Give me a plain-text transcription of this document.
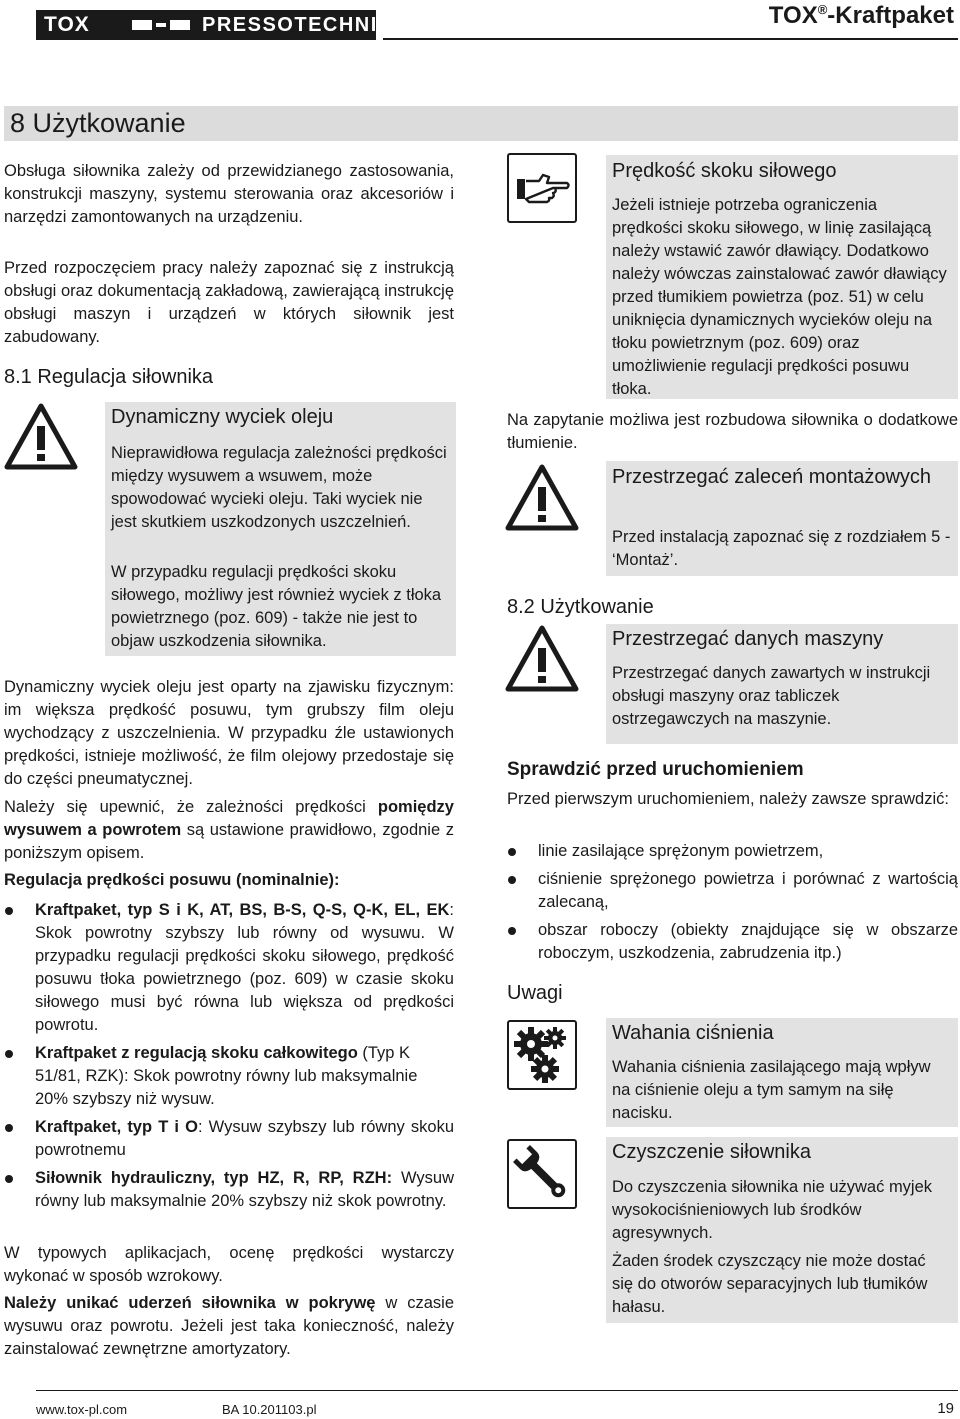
TOX	PRESSOTECHNIK	TOX®-Kraftpaket
8 Użytkowanie

Obsługa siłownika zależy od przewidzianego zastosowania, konstrukcji maszyny, systemu sterowania oraz akcesoriów i narzędzi zamontowanych na urządzeniu.

Przed rozpoczęciem pracy należy zapoznać się z instrukcją obsługi oraz dokumentacją zakładową, zawierającą instrukcję obsługi maszyn i urządzeń w których siłownik jest zabudowany.

8.1 Regulacja siłownika
Dynamiczny wyciek oleju
Nieprawidłowa regulacja zależności prędkości między wysuwem a wsuwem, może spowodować wycieki oleju. Taki wyciek nie jest skutkiem uszkodzonych uszczelnień.
W przypadku regulacji prędkości skoku siłowego, możliwy jest również wyciek z tłoka powietrznego (poz. 609) - także nie jest to objaw uszkodzenia siłownika.

Dynamiczny wyciek oleju jest oparty na zjawisku fizycznym: im większa prędkość posuwu, tym grubszy film oleju wychodzący z uszczelnienia. W przypadku źle ustawionych prędkości, istnieje możliwość, że film olejowy przedostaje się do części pneumatycznej.

Należy się upewnić, że zależności prędkości pomiędzy wysuwem a powrotem są ustawione prawidłowo, zgodnie z poniższym opisem.

Regulacja prędkości posuwu (nominalnie):
Kraftpaket, typ S i K, AT, BS, B-S, Q-S, Q-K, EL, EK: Skok powrotny szybszy lub równy od wysuwu. W przypadku regulacji prędkości skoku siłowego, prędkość posuwu tłoka powietrznego (poz. 609) w czasie skoku siłowego musi być równa lub większa od prędkości powrotu.
Kraftpaket z regulacją skoku całkowitego (Typ K 51/81, RZK): Skok powrotny równy lub maksymalnie 20% szybszy niż wysuw.
Kraftpaket, typ T i O: Wysuw szybszy lub równy skoku powrotnemu
Siłownik hydrauliczny, typ HZ, R, RP, RZH: Wysuw równy lub maksymalnie 20% szybszy niż skok powrotny.

W typowych aplikacjach, ocenę prędkości wystarczy wykonać w sposób wzrokowy.

Należy unikać uderzeń siłownika w pokrywę w czasie wysuwu oraz powrotu. Jeżeli jest taka konieczność, należy zainstalować zewnętrzne amortyzatory.

Prędkość skoku siłowego
Jeżeli istnieje potrzeba ograniczenia prędkości skoku siłowego, w linię zasilającą należy wstawić zawór dławiący. Dodatkowo należy wówczas zainstalować zawór dławiący przed tłumikiem powietrza (poz. 51) w celu uniknięcia dynamicznych wycieków oleju na tłoku powietrznym (poz. 609) oraz umożliwienie regulacji prędkości posuwu tłoka.

Na zapytanie możliwa jest rozbudowa siłownika o dodatkowe tłumienie.

Przestrzegać zaleceń montażowych
Przed instalacją zapoznać się z rozdziałem 5 - ‘Montaż’.
8.2 Użytkowanie
Przestrzegać danych maszyny
Przestrzegać danych zawartych w instrukcji obsługi maszyny oraz tabliczek ostrzegawczych na maszynie.
Sprawdzić przed uruchomieniem

Przed pierwszym uruchomieniem, należy zawsze sprawdzić:

linie zasilające sprężonym powietrzem,
ciśnienie sprężonego powietrza i porównać z wartością zalecaną,
obszar roboczy (obiekty znajdujące się w obszarze roboczym, uszkodzenia, zabrudzenia itp.)
Uwagi
Wahania ciśnienia
Wahania ciśnienia zasilającego mają wpływ na ciśnienie oleju a tym samym na siłę nacisku.
Czyszczenie siłownika
Do czyszczenia siłownika nie używać myjek wysokociśnieniowych lub środków agresywnych.
Żaden środek czyszczący nie może dostać się do otworów separacyjnych lub tłumików hałasu.
www.tox-pl.com	BA 10.201103.pl	19
